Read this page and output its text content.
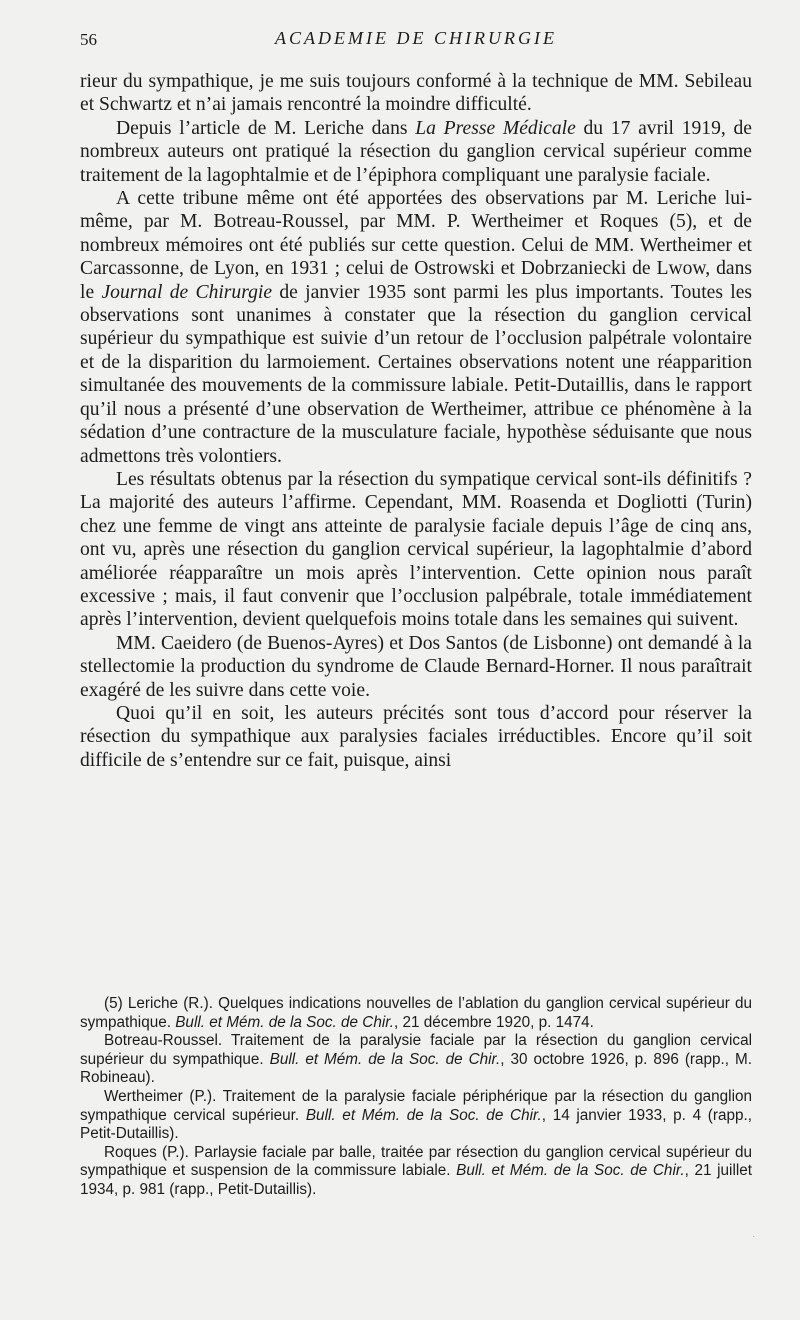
56	ACADEMIE DE CHIRURGIE

rieur du sympathique, je me suis toujours conformé à la technique de MM. Sebileau et Schwartz et n’ai jamais rencontré la moindre difficulté.

Depuis l’article de M. Leriche dans La Presse Médicale du 17 avril 1919, de nombreux auteurs ont pratiqué la résection du ganglion cervical supérieur comme traitement de la lagophtalmie et de l’épiphora compliquant une paralysie faciale.

A cette tribune même ont été apportées des observations par M. Leriche lui-même, par M. Botreau-Roussel, par MM. P. Wertheimer et Roques (5), et de nombreux mémoires ont été publiés sur cette question. Celui de MM. Wertheimer et Carcassonne, de Lyon, en 1931 ; celui de Ostrowski et Dobrzaniecki de Lwow, dans le Journal de Chirurgie de janvier 1935 sont parmi les plus importants. Toutes les observations sont unanimes à constater que la résection du ganglion cervical supérieur du sympathique est suivie d’un retour de l’occlusion palpétrale volontaire et de la disparition du larmoiement. Certaines observations notent une réapparition simultanée des mouvements de la commissure labiale. Petit-Dutaillis, dans le rapport qu’il nous a présenté d’une observation de Wertheimer, attribue ce phénomène à la sédation d’une contracture de la musculature faciale, hypothèse séduisante que nous admettons très volontiers.

Les résultats obtenus par la résection du sympatique cervical sont-ils définitifs ? La majorité des auteurs l’affirme. Cependant, MM. Roasenda et Dogliotti (Turin) chez une femme de vingt ans atteinte de paralysie faciale depuis l’âge de cinq ans, ont vu, après une résection du ganglion cervical supérieur, la lagophtalmie d’abord améliorée réapparaître un mois après l’intervention. Cette opinion nous paraît excessive ; mais, il faut convenir que l’occlusion palpébrale, totale immédiatement après l’intervention, devient quelquefois moins totale dans les semaines qui suivent.

MM. Caeidero (de Buenos-Ayres) et Dos Santos (de Lisbonne) ont demandé à la stellectomie la production du syndrome de Claude Bernard-Horner. Il nous paraîtrait exagéré de les suivre dans cette voie.

Quoi qu’il en soit, les auteurs précités sont tous d’accord pour réserver la résection du sympathique aux paralysies faciales irréductibles. Encore qu’il soit difficile de s’entendre sur ce fait, puisque, ainsi

(5) Leriche (R.). Quelques indications nouvelles de l’ablation du ganglion cervical supérieur du sympathique. Bull. et Mém. de la Soc. de Chir., 21 décembre 1920, p. 1474.

Botreau-Roussel. Traitement de la paralysie faciale par la résection du ganglion cervical supérieur du sympathique. Bull. et Mém. de la Soc. de Chir., 30 octobre 1926, p. 896 (rapp., M. Robineau).

Wertheimer (P.). Traitement de la paralysie faciale périphérique par la résection du ganglion sympathique cervical supérieur. Bull. et Mém. de la Soc. de Chir., 14 janvier 1933, p. 4 (rapp., Petit-Dutaillis).

Roques (P.). Parlaysie faciale par balle, traitée par résection du ganglion cervical supérieur du sympathique et suspension de la commissure labiale. Bull. et Mém. de la Soc. de Chir., 21 juillet 1934, p. 981 (rapp., Petit-Dutaillis).

·
